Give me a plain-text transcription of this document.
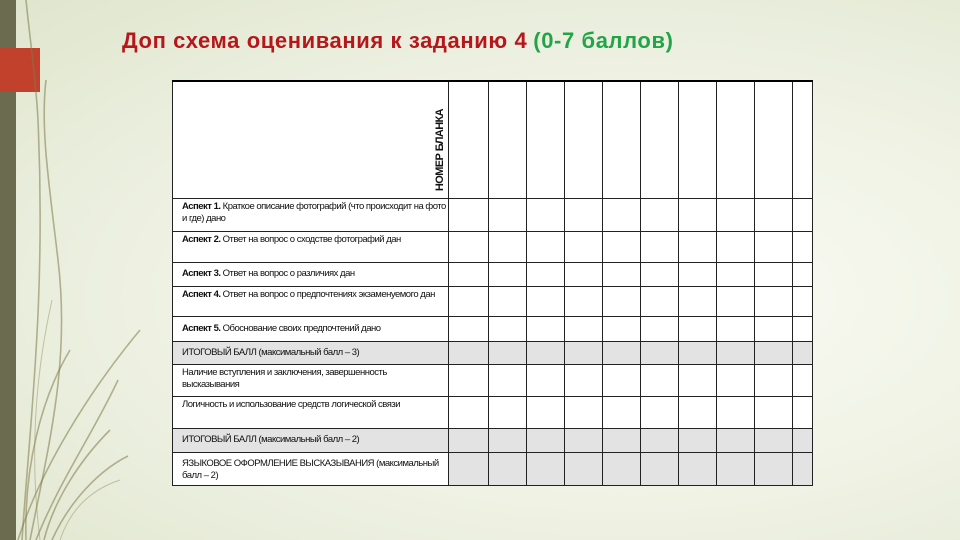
Доп схема оценивания к заданию 4 (0-7 баллов)
НОМЕР БЛАНКА										

Аспект 1. Краткое описание фотографий (что происходит на фото и где) дано										
Аспект 2. Ответ на вопрос о сходстве фотографий дан										
Аспект 3. Ответ на вопрос о различиях дан										
Аспект 4. Ответ на вопрос о предпочтениях экзаменуемого дан										
Аспект 5. Обоснование своих предпочтений дано										
ИТОГОВЫЙ БАЛЛ (максимальный балл – 3)										
Наличие вступления и заключения, завершенность высказывания										
Логичность и использование средств логической связи										
ИТОГОВЫЙ БАЛЛ (максимальный балл – 2)										
ЯЗЫКОВОЕ ОФОРМЛЕНИЕ ВЫСКАЗЫВАНИЯ (максимальный балл – 2)										
